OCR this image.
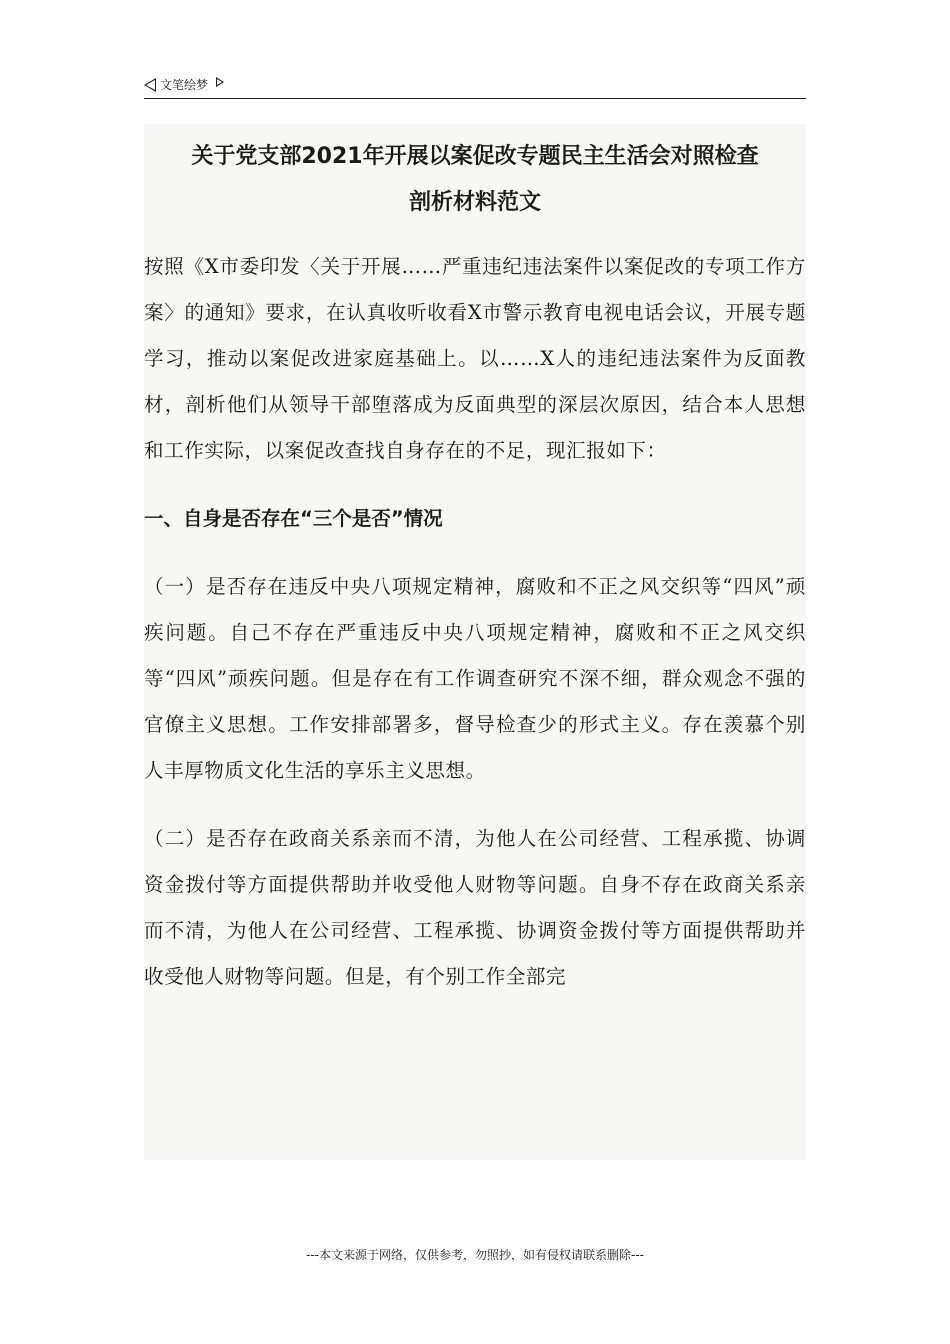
文笔绘梦
关于党支部2021年开展以案促改专题民主生活会对照检查
剖析材料范文

按照《X市委印发〈关于开展……严重违纪违法案件以案促改的专项工作方案〉的通知》要求，在认真收听收看X市警示教育电视电话会议，开展专题学习，推动以案促改进家庭基础上。以……X人的违纪违法案件为反面教材，剖析他们从领导干部堕落成为反面典型的深层次原因，结合本人思想和工作实际，以案促改查找自身存在的不足，现汇报如下：

一、自身是否存在“三个是否”情况

（一）是否存在违反中央八项规定精神，腐败和不正之风交织等“四风”顽疾问题。自己不存在严重违反中央八项规定精神，腐败和不正之风交织等“四风”顽疾问题。但是存在有工作调查研究不深不细，群众观念不强的官僚主义思想。工作安排部署多，督导检查少的形式主义。存在羡慕个别人丰厚物质文化生活的享乐主义思想。

（二）是否存在政商关系亲而不清，为他人在公司经营、工程承揽、协调资金拨付等方面提供帮助并收受他人财物等问题。自身不存在政商关系亲而不清，为他人在公司经营、工程承揽、协调资金拨付等方面提供帮助并收受他人财物等问题。但是，有个别工作全部完

---本文来源于网络，仅供参考，勿照抄，如有侵权请联系删除---
